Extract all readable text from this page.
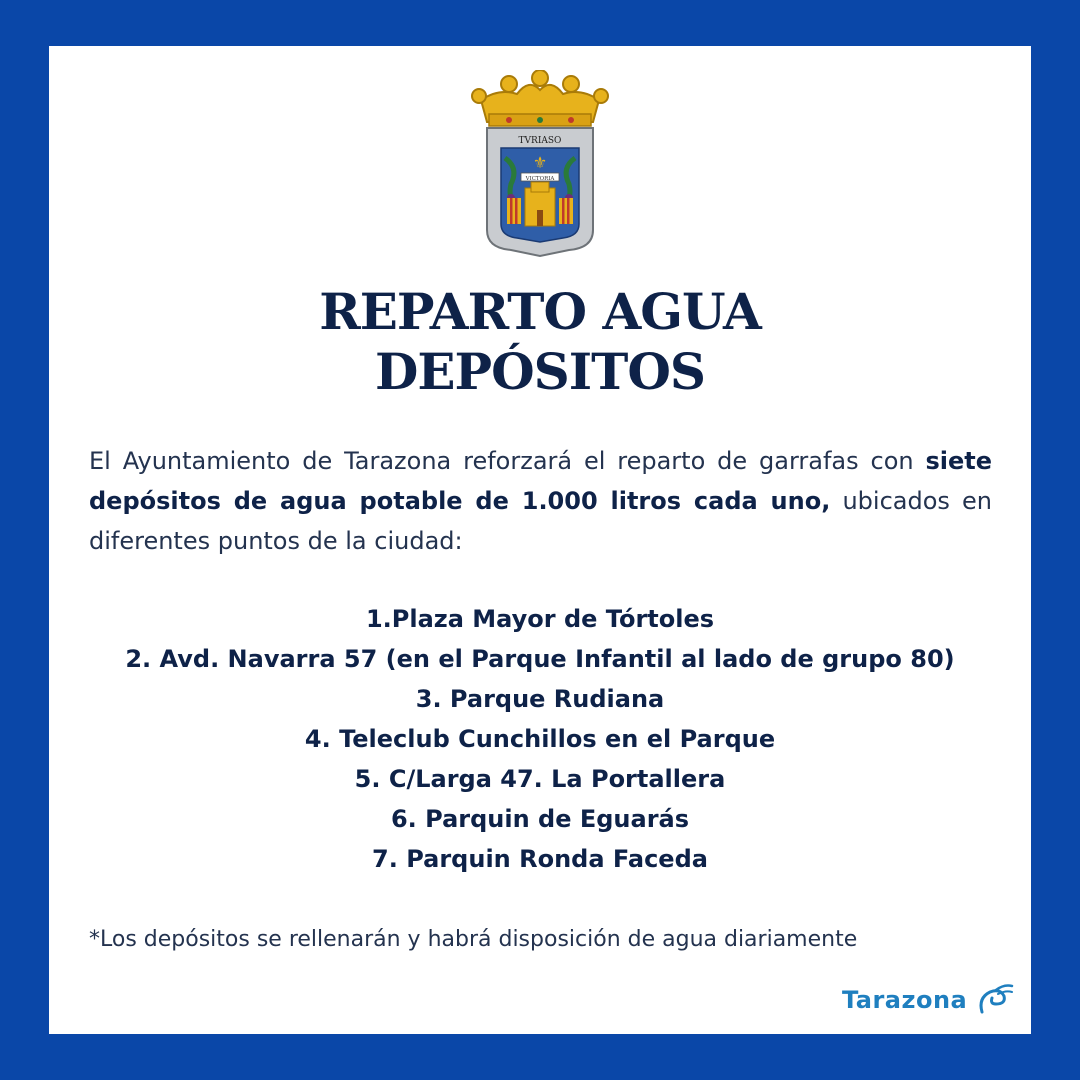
⚜
VICTORIA
TVRIASO
REPARTO AGUA
DEPÓSITOS

El Ayuntamiento de Tarazona reforzará el reparto de garrafas con siete depósitos de agua potable de 1.000 litros cada uno, ubicados en diferentes puntos de la ciudad:

1.Plaza Mayor de Tórtoles
2. Avd. Navarra 57 (en el Parque Infantil al lado de grupo 80)
3. Parque Rudiana
4. Teleclub Cunchillos en el Parque
5. C/Larga 47. La Portallera
6. Parquin de Eguarás
7. Parquin Ronda Faceda

*Los depósitos se rellenarán y habrá disposición de agua diariamente

Tarazona
